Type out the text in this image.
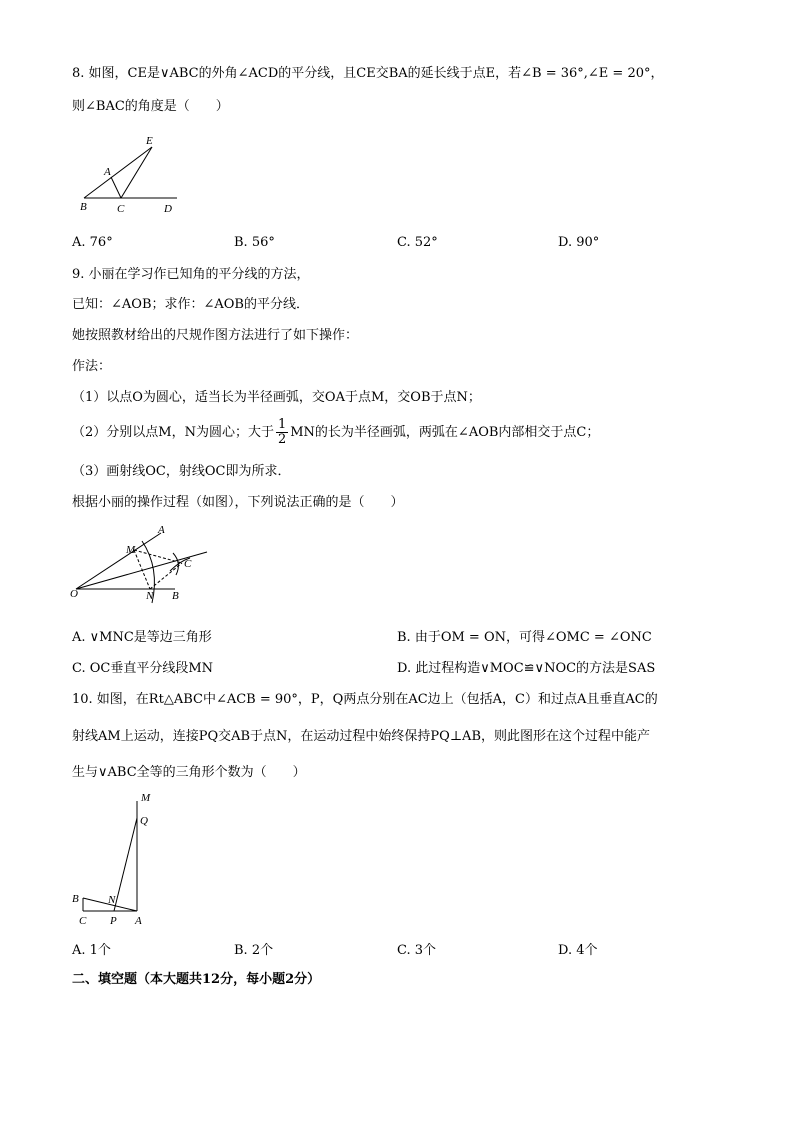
8. 如图，CE是∨ABC的外角∠ACD的平分线，且CE交BA的延长线于点E，若∠B = 36°,∠E = 20°，
则∠BAC的角度是（　　）
E
A
B	C	D
A. 76°	B. 56°	C. 52°	D. 90°
9. 小丽在学习作已知角的平分线的方法，
已知：∠AOB；求作：∠AOB的平分线．
她按照教材给出的尺规作图方法进行了如下操作：
作法：
（1）以点O为圆心，适当长为半径画弧，交OA于点M，交OB于点N；
（2）分别以点M，N为圆心；大于 $\frac{1}{2}$ MN的长为半径画弧，两弧在∠AOB内部相交于点C；
（3）画射线OC，射线OC即为所求．
根据小丽的操作过程（如图），下列说法正确的是（　　）
A
M
C
O	N B
A. ∨MNC是等边三角形	B. 由于OM = ON，可得∠OMC = ∠ONC
C. OC垂直平分线段MN	D. 此过程构造∨MOC≌∨NOC的方法是SAS
10. 如图，在Rt△ABC中∠ACB = 90°，P，Q两点分别在AC边上（包括A，C）和过点A且垂直AC的
射线AM上运动，连接PQ交AB于点N，在运动过程中始终保持PQ⊥AB，则此图形在这个过程中能产
生与∨ABC全等的三角形个数为（　　）
M
Q
B	N
C P A
A. 1个	B. 2个	C. 3个	D. 4个
二、填空题（本大题共12分，每小题2分）
